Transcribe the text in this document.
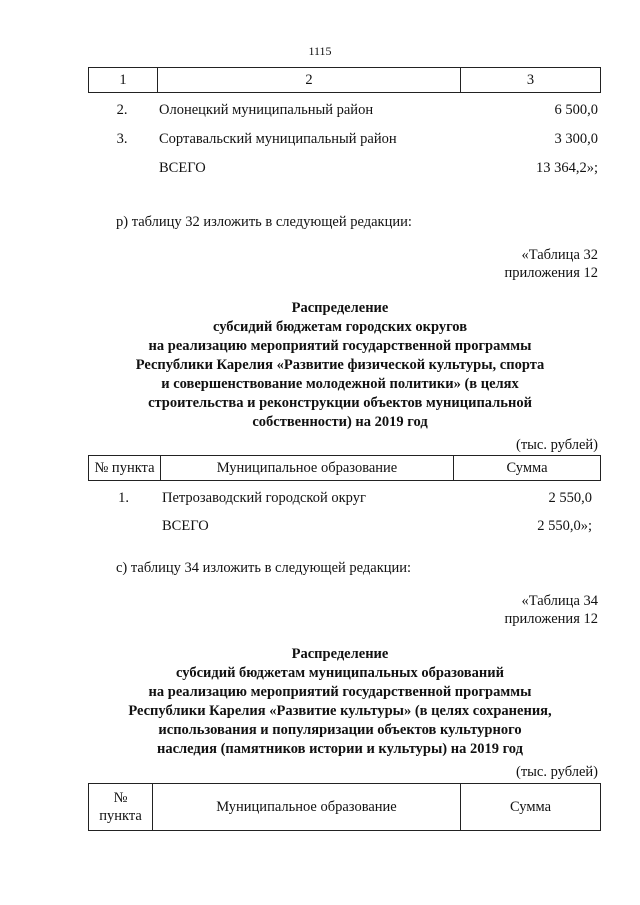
1115
1	2	3
2.	Олонецкий муниципальный район	6 500,0
3.	Сортавальский муниципальный район	3 300,0
ВСЕГО	13 364,2»;
р) таблицу 32 изложить в следующей редакции:
«Таблица 32
приложения 12
Распределение
субсидий бюджетам городских округов
на реализацию мероприятий государственной программы
Республики Карелия «Развитие физической культуры, спорта
и совершенствование молодежной политики» (в целях
строительства и реконструкции объектов муниципальной
собственности) на 2019 год
(тыс. рублей)
№ пункта	Муниципальное образование	Сумма
1.	Петрозаводский городской округ	2 550,0
ВСЕГО	2 550,0»;
с) таблицу 34 изложить в следующей редакции:
«Таблица 34
приложения 12
Распределение
субсидий бюджетам муниципальных образований
на реализацию мероприятий государственной программы
Республики Карелия «Развитие культуры» (в целях сохранения,
использования и популяризации объектов культурного
наследия (памятников истории и культуры) на 2019 год
(тыс. рублей)
№
пункта
	Муниципальное образование	Сумма
